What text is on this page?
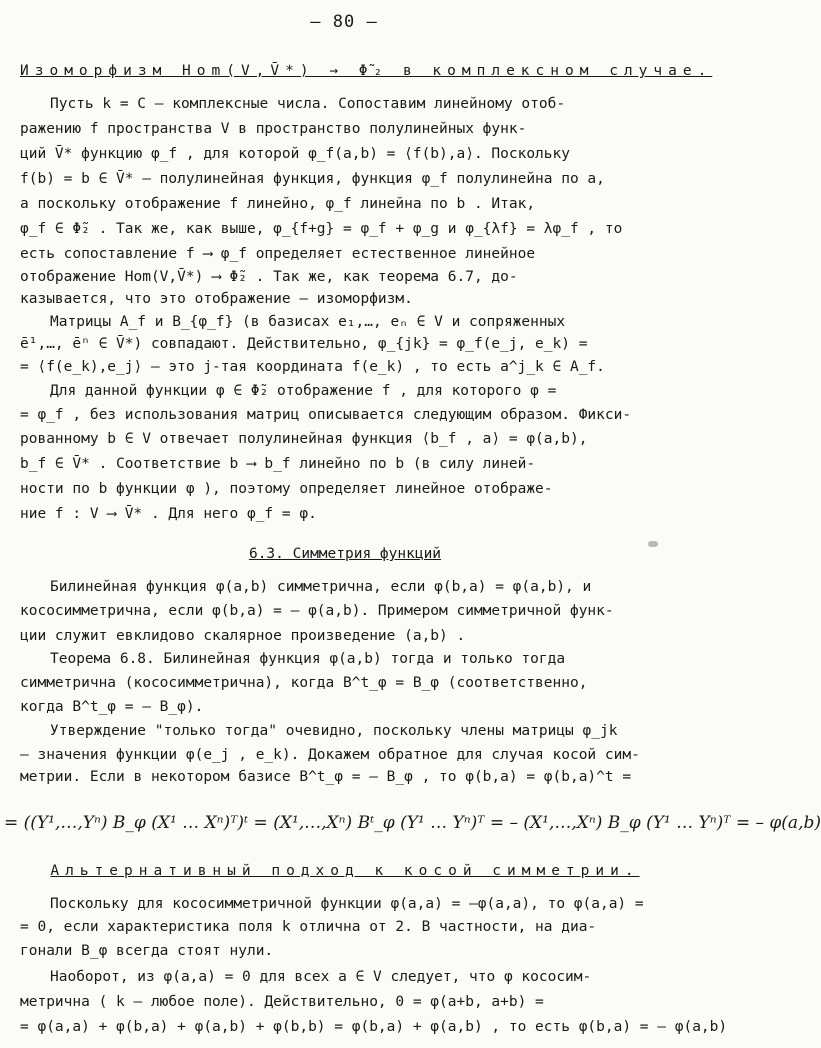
– 80 –
Изоморфизм Hom(V,V̄*) → Φ̃₂ в комплексном случае.
Пусть k = C – комплексные числа. Сопоставим линейному отоб-
ражению f пространства V в пространство полулинейных функ-
ций V̄* функцию φ_f , для которой φ_f(a,b) = ⟨f(b),a⟩. Поскольку
f(b) = b ∈ V̄* – полулинейная функция, функция φ_f полулинейна по a,
а поскольку отображение f линейно, φ_f линейна по b . Итак,
φ_f ∈ Φ̃₂ . Так же, как выше, φ_{f+g} = φ_f + φ_g и φ_{λf} = λφ_f , то
есть сопоставление f ⟶ φ_f определяет естественное линейное
отображение Hom(V,V̄*) ⟶ Φ̃₂ . Так же, как теорема 6.7, до-
казывается, что это отображение – изоморфизм.
Матрицы A_f и B_{φ_f} (в базисах e₁,…, eₙ ∈ V и сопряженных
ē¹,…, ēⁿ ∈ V̄*) совпадают. Действительно, φ_{jk} = φ_f(e_j, e_k) =
= ⟨f(e_k),e_j⟩ – это j-тая координата f(e_k) , то есть a^j_k ∈ A_f.
Для данной функции φ ∈ Φ̃₂ отображение f , для которого φ =
= φ_f , без использования матриц описывается следующим образом. Фикси-
рованному b ∈ V отвечает полулинейная функция ⟨b_f , a⟩ = φ(a,b),
b_f ∈ V̄* . Соответствие b ⟶ b_f линейно по b (в силу линей-
ности по b функции φ ), поэтому определяет линейное отображе-
ние f : V ⟶ V̄* . Для него φ_f = φ.
6.3. Симметрия функций
Билинейная функция φ(a,b) симметрична, если φ(b,a) = φ(a,b), и
кососимметрична, если φ(b,a) = – φ(a,b). Примером симметричной функ-
ции служит евклидово скалярное произведение (a,b) .
Теорема 6.8. Билинейная функция φ(a,b) тогда и только тогда
симметрична (кососимметрична), когда B^t_φ = B_φ (соответственно,
когда B^t_φ = – B_φ).
Утверждение "только тогда" очевидно, поскольку члены матрицы φ_jk
– значения функции φ(e_j , e_k). Докажем обратное для случая косой сим-
метрии. Если в некотором базисе B^t_φ = – B_φ , то φ(b,a) = φ(b,a)^t =
= ((Y¹,…,Yⁿ) B_φ (X¹ … Xⁿ)ᵀ)ᵗ = (X¹,…,Xⁿ) Bᵗ_φ (Y¹ … Yⁿ)ᵀ = – (X¹,…,Xⁿ) B_φ (Y¹ … Yⁿ)ᵀ = – φ(a,b)
Альтернативный подход к косой симметрии.
Поскольку для кососимметричной функции φ(a,a) = –φ(a,a), то φ(a,a) =
= 0, если характеристика поля k отлична от 2. В частности, на диа-
гонали B_φ всегда стоят нули.
Наоборот, из φ(a,a) = 0 для всех a ∈ V следует, что φ кососим-
метрична ( k – любое поле). Действительно, 0 = φ(a+b, a+b) =
= φ(a,a) + φ(b,a) + φ(a,b) + φ(b,b) = φ(b,a) + φ(a,b) , то есть φ(b,a) = – φ(a,b)
